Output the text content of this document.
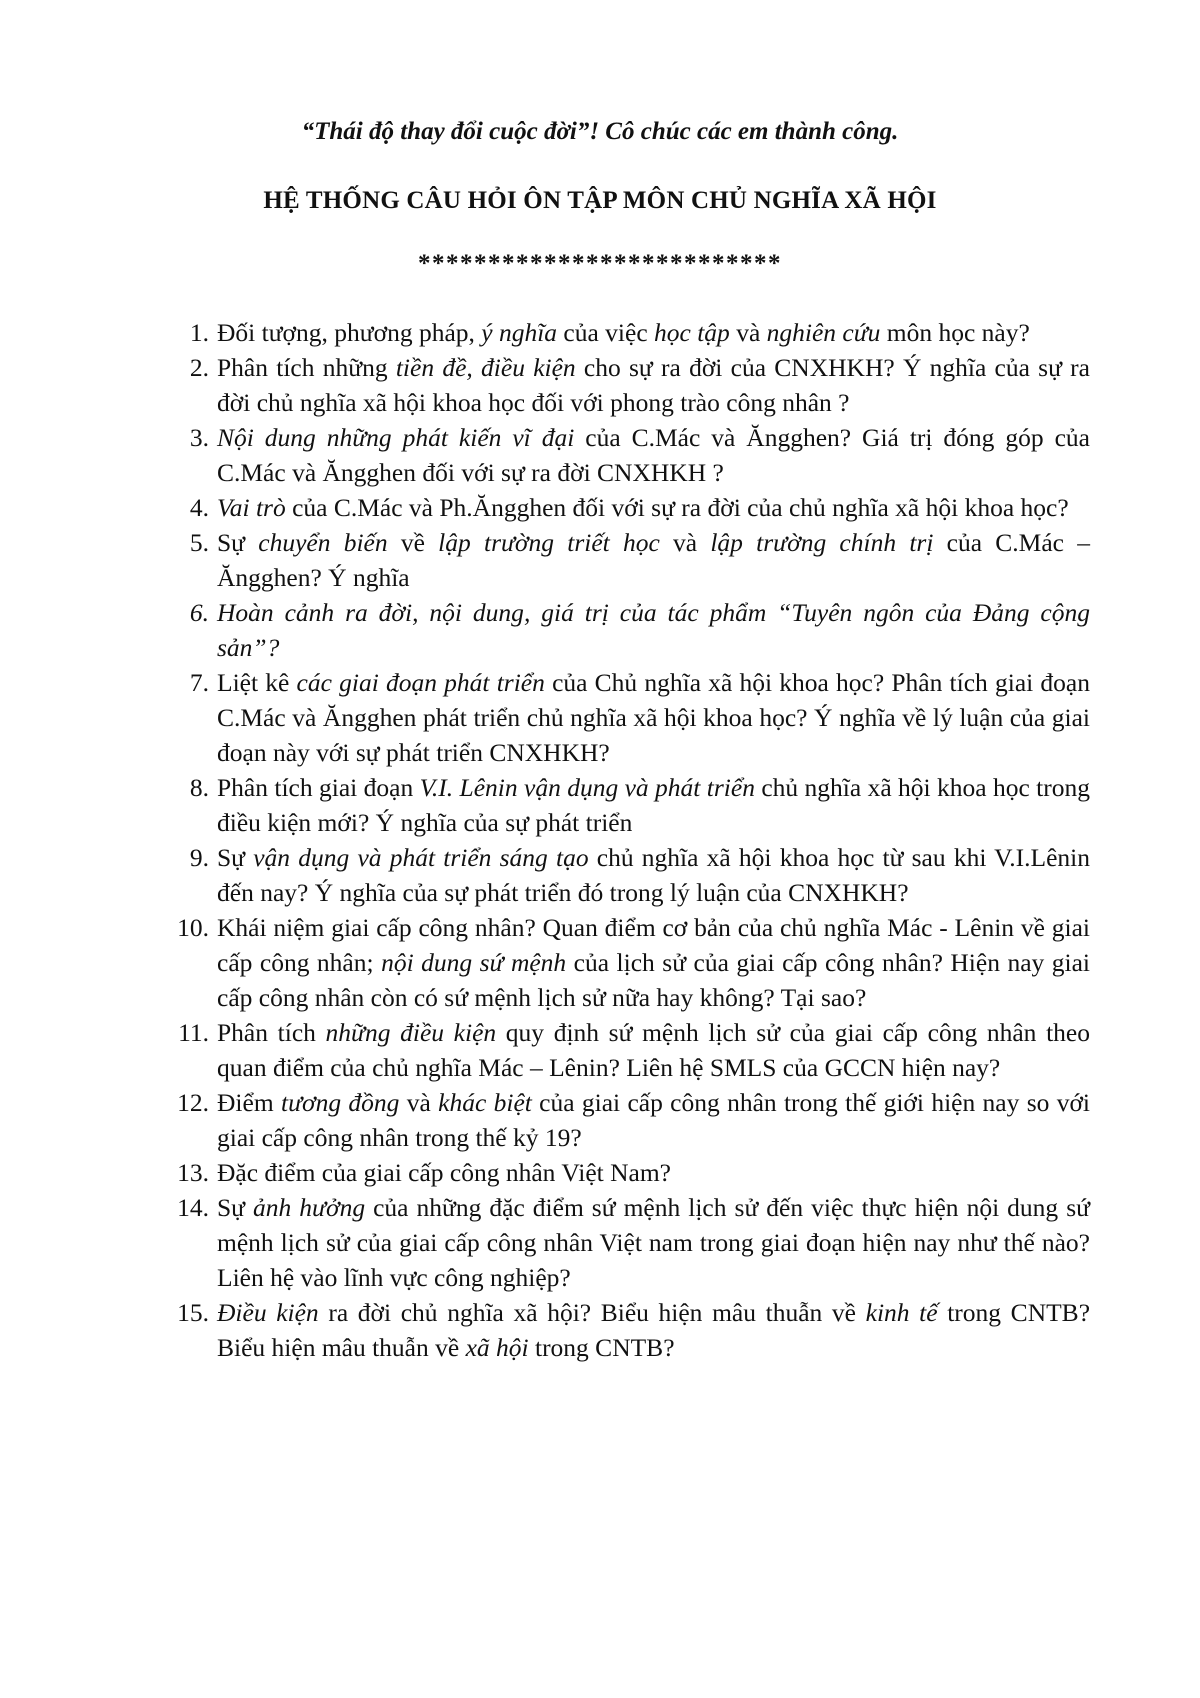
“Thái độ thay đổi cuộc đời”! Cô chúc các em thành công.

HỆ THỐNG CÂU HỎI ÔN TẬP MÔN CHỦ NGHĨA XÃ HỘI

**************************

1. Đối tượng, phương pháp, ý nghĩa của việc học tập và nghiên cứu môn học này?
2. Phân tích những tiền đề, điều kiện cho sự ra đời của CNXHKH? Ý nghĩa của sự ra đời chủ nghĩa xã hội khoa học đối với phong trào công nhân ?
3. Nội dung những phát kiến vĩ đại của C.Mác và Ăngghen? Giá trị đóng góp của C.Mác và Ăngghen đối với sự ra đời CNXHKH ?
4. Vai trò của C.Mác và Ph.Ăngghen đối với sự ra đời của chủ nghĩa xã hội khoa học?
5. Sự chuyển biến về lập trường triết học và lập trường chính trị của C.Mác – Ăngghen? Ý nghĩa
6. Hoàn cảnh ra đời, nội dung, giá trị của tác phẩm “Tuyên ngôn của Đảng cộng sản”?
7. Liệt kê các giai đoạn phát triển của Chủ nghĩa xã hội khoa học? Phân tích giai đoạn C.Mác và Ăngghen phát triển chủ nghĩa xã hội khoa học? Ý nghĩa về lý luận của giai đoạn này với sự phát triển CNXHKH?
8. Phân tích giai đoạn V.I. Lênin vận dụng và phát triển chủ nghĩa xã hội khoa học trong điều kiện mới? Ý nghĩa của sự phát triển
9. Sự vận dụng và phát triển sáng tạo chủ nghĩa xã hội khoa học từ sau khi V.I.Lênin đến nay? Ý nghĩa của sự phát triển đó trong lý luận của CNXHKH?
10. Khái niệm giai cấp công nhân? Quan điểm cơ bản của chủ nghĩa Mác - Lênin về giai cấp công nhân; nội dung sứ mệnh của lịch sử của giai cấp công nhân? Hiện nay giai cấp công nhân còn có sứ mệnh lịch sử nữa hay không? Tại sao?
11. Phân tích những điều kiện quy định sứ mệnh lịch sử của giai cấp công nhân theo quan điểm của chủ nghĩa Mác – Lênin? Liên hệ SMLS của GCCN hiện nay?
12. Điểm tương đồng và khác biệt của giai cấp công nhân trong thế giới hiện nay so với giai cấp công nhân trong thế kỷ 19?
13. Đặc điểm của giai cấp công nhân Việt Nam?
14. Sự ảnh hưởng của những đặc điểm sứ mệnh lịch sử đến việc thực hiện nội dung sứ mệnh lịch sử của giai cấp công nhân Việt nam trong giai đoạn hiện nay như thế nào? Liên hệ vào lĩnh vực công nghiệp?
15. Điều kiện ra đời chủ nghĩa xã hội? Biểu hiện mâu thuẫn về kinh tế trong CNTB? Biểu hiện mâu thuẫn về xã hội trong CNTB?
